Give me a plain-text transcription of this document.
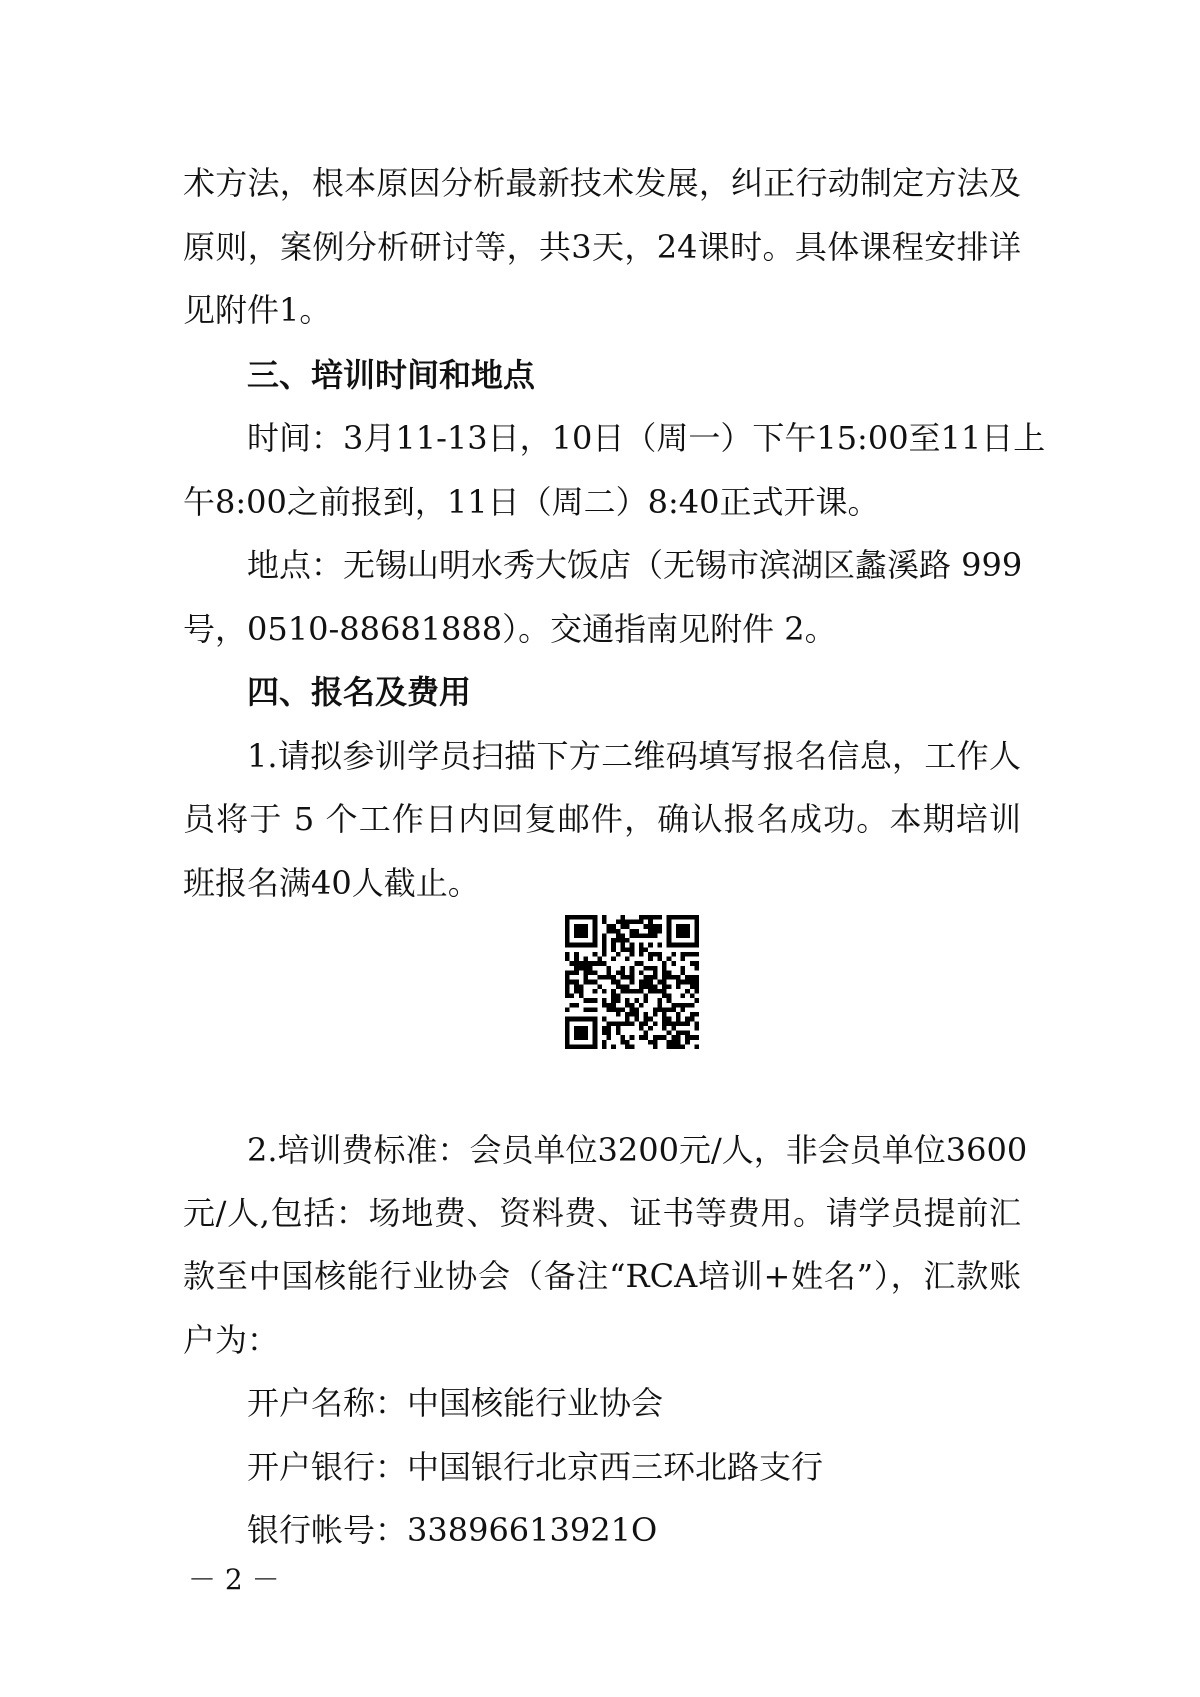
术方法，根本原因分析最新技术发展，纠正行动制定方法及
原则，案例分析研讨等，共3天，24课时。具体课程安排详
见附件1。
三、培训时间和地点
时间：3月11-13日，10日（周一）下午15:00至11日上
午8:00之前报到，11日（周二）8:40正式开课。
地点：无锡山明水秀大饭店（无锡市滨湖区蠡溪路 999
号，0510-88681888）。交通指南见附件 2。
四、报名及费用
1.请拟参训学员扫描下方二维码填写报名信息，工作人
员将于 5 个工作日内回复邮件，确认报名成功。本期培训
班报名满40人截止。
2.培训费标准：会员单位3200元/人，非会员单位3600
元/人,包括：场地费、资料费、证书等费用。请学员提前汇
款至中国核能行业协会（备注“RCA培训+姓名”），汇款账
户为：
开户名称：中国核能行业协会
开户银行：中国银行北京西三环北路支行
银行帐号：33896613921O
－ 2 －
